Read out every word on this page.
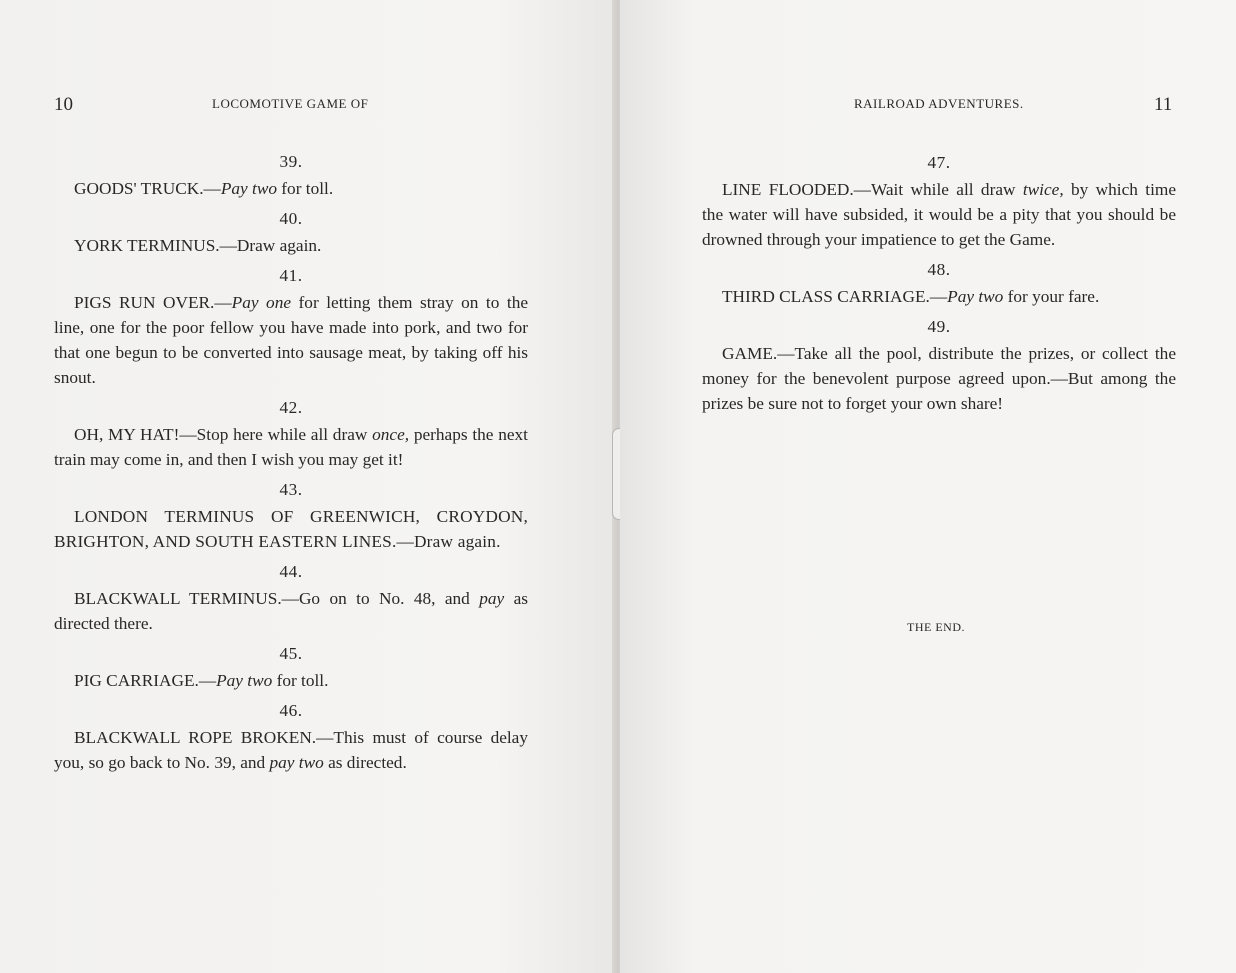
10	LOCOMOTIVE GAME OF
39.

GOODS' TRUCK.—Pay two for toll.

40.

YORK TERMINUS.—Draw again.

41.

PIGS RUN OVER.—Pay one for letting them stray on to the line, one for the poor fellow you have made into pork, and two for that one begun to be converted into sausage meat, by taking off his snout.

42.

OH, MY HAT!—Stop here while all draw once, perhaps the next train may come in, and then I wish you may get it!

43.

LONDON TERMINUS OF GREENWICH, CROYDON, BRIGHTON, AND SOUTH EASTERN LINES.—Draw again.

44.

BLACKWALL TERMINUS.—Go on to No. 48, and pay as directed there.

45.

PIG CARRIAGE.—Pay two for toll.

46.

BLACKWALL ROPE BROKEN.—This must of course delay you, so go back to No. 39, and pay two as directed.

RAILROAD ADVENTURES.	11
47.

LINE FLOODED.—Wait while all draw twice, by which time the water will have subsided, it would be a pity that you should be drowned through your impatience to get the Game.

48.

THIRD CLASS CARRIAGE.—Pay two for your fare.

49.

GAME.—Take all the pool, distribute the prizes, or collect the money for the benevolent purpose agreed upon.—But among the prizes be sure not to forget your own share!

THE END.
